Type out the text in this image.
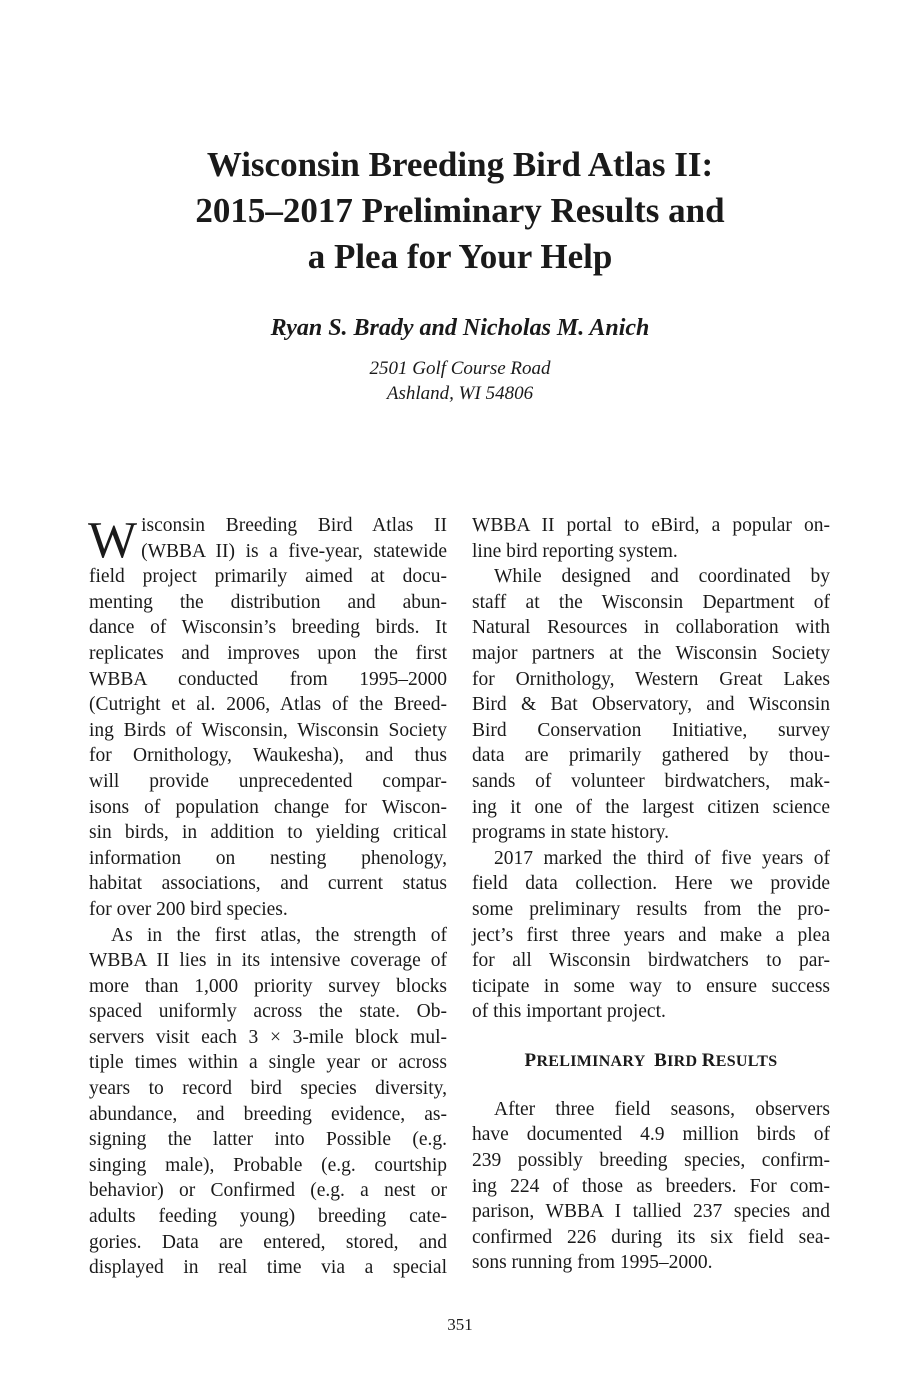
Wisconsin Breeding Bird Atlas II:
2015–2017 Preliminary Results and
a Plea for Your Help

Ryan S. Brady and Nicholas M. Anich

2501 Golf Course Road
Ashland, WI 54806

W isconsin Breeding Bird Atlas II
(WBBA II) is a five-year, statewide
field project primarily aimed at docu-
menting the distribution and abun-
dance of Wisconsin’s breeding birds. It
replicates and improves upon the first
WBBA conducted from 1995–2000
(Cutright et al. 2006, Atlas of the Breed-
ing Birds of Wisconsin, Wisconsin Society
for Ornithology, Waukesha), and thus
will provide unprecedented compar-
isons of population change for Wiscon-
sin birds, in addition to yielding critical
information on nesting phenology,
habitat associations, and current status
for over 200 bird species.
As in the first atlas, the strength of
WBBA II lies in its intensive coverage of
more than 1,000 priority survey blocks
spaced uniformly across the state. Ob-
servers visit each 3 × 3-mile block mul-
tiple times within a single year or across
years to record bird species diversity,
abundance, and breeding evidence, as-
signing the latter into Possible (e.g.
singing male), Probable (e.g. courtship
behavior) or Confirmed (e.g. a nest or
adults feeding young) breeding cate-
gories. Data are entered, stored, and
displayed in real time via a special
WBBA II portal to eBird, a popular on-
line bird reporting system.
While designed and coordinated by
staff at the Wisconsin Department of
Natural Resources in collaboration with
major partners at the Wisconsin Society
for Ornithology, Western Great Lakes
Bird & Bat Observatory, and Wisconsin
Bird Conservation Initiative, survey
data are primarily gathered by thou-
sands of volunteer birdwatchers, mak-
ing it one of the largest citizen science
programs in state history.
2017 marked the third of five years of
field data collection. Here we provide
some preliminary results from the pro-
ject’s first three years and make a plea
for all Wisconsin birdwatchers to par-
ticipate in some way to ensure success
of this important project.
PRELIMINARY BIRD RESULTS
After three field seasons, observers
have documented 4.9 million birds of
239 possibly breeding species, confirm-
ing 224 of those as breeders. For com-
parison, WBBA I tallied 237 species and
confirmed 226 during its six field sea-
sons running from 1995–2000.
351
